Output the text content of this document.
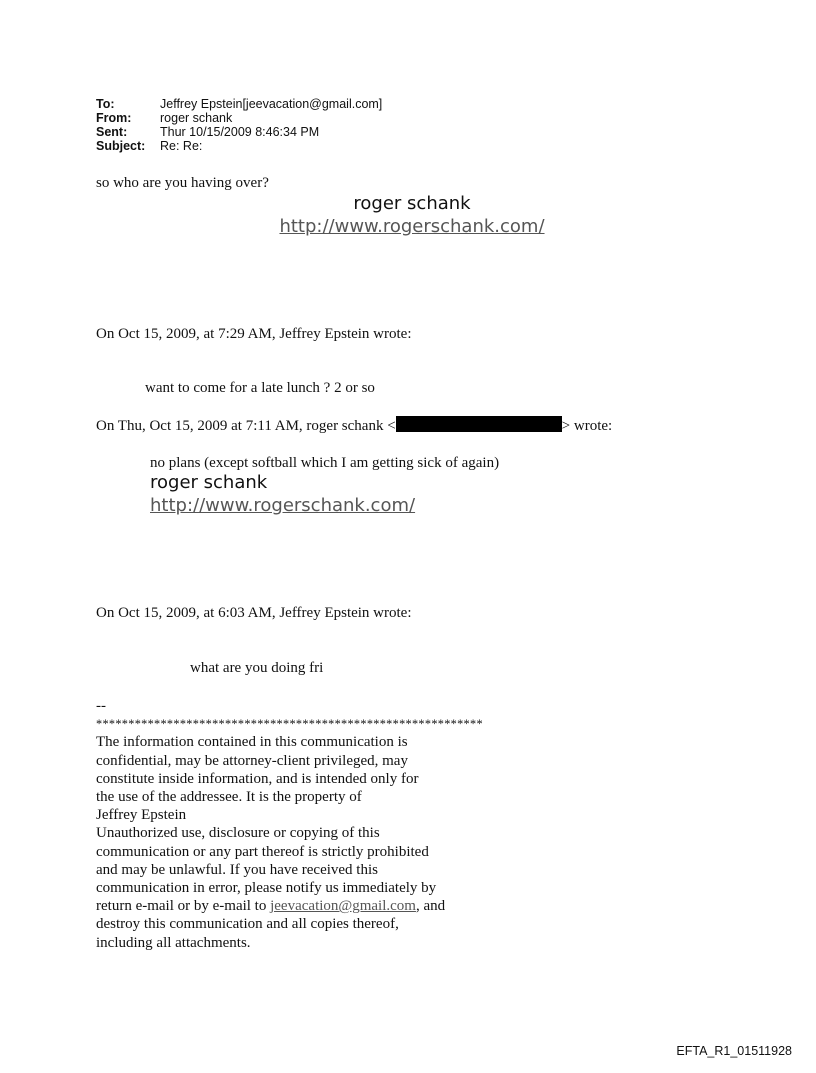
To:	Jeffrey Epstein[jeevacation@gmail.com]
From: roger schank
Sent:	Thur 10/15/2009 8:46:34 PM
Subject: Re: Re:
so who are you having over?
roger schank
http://www.rogerschank.com/
On Oct 15, 2009, at 7:29 AM, Jeffrey Epstein wrote:
want to come for a late lunch ? 2 or so
On Thu, Oct 15, 2009 at 7:11 AM, roger schank <	> wrote:
no plans (except softball which I am getting sick of again)
roger schank
http://www.rogerschank.com/
On Oct 15, 2009, at 6:03 AM, Jeffrey Epstein wrote:
what are you doing fri
--
************************************************************
The information contained in this communication is
confidential, may be attorney-client privileged, may
constitute inside information, and is intended only for
the use of the addressee. It is the property of
Jeffrey Epstein
Unauthorized use, disclosure or copying of this
communication or any part thereof is strictly prohibited
and may be unlawful. If you have received this
communication in error, please notify us immediately by
return e-mail or by e-mail to jeevacation@gmail.com, and
destroy this communication and all copies thereof,
including all attachments.
EFTA_R1_01511928
